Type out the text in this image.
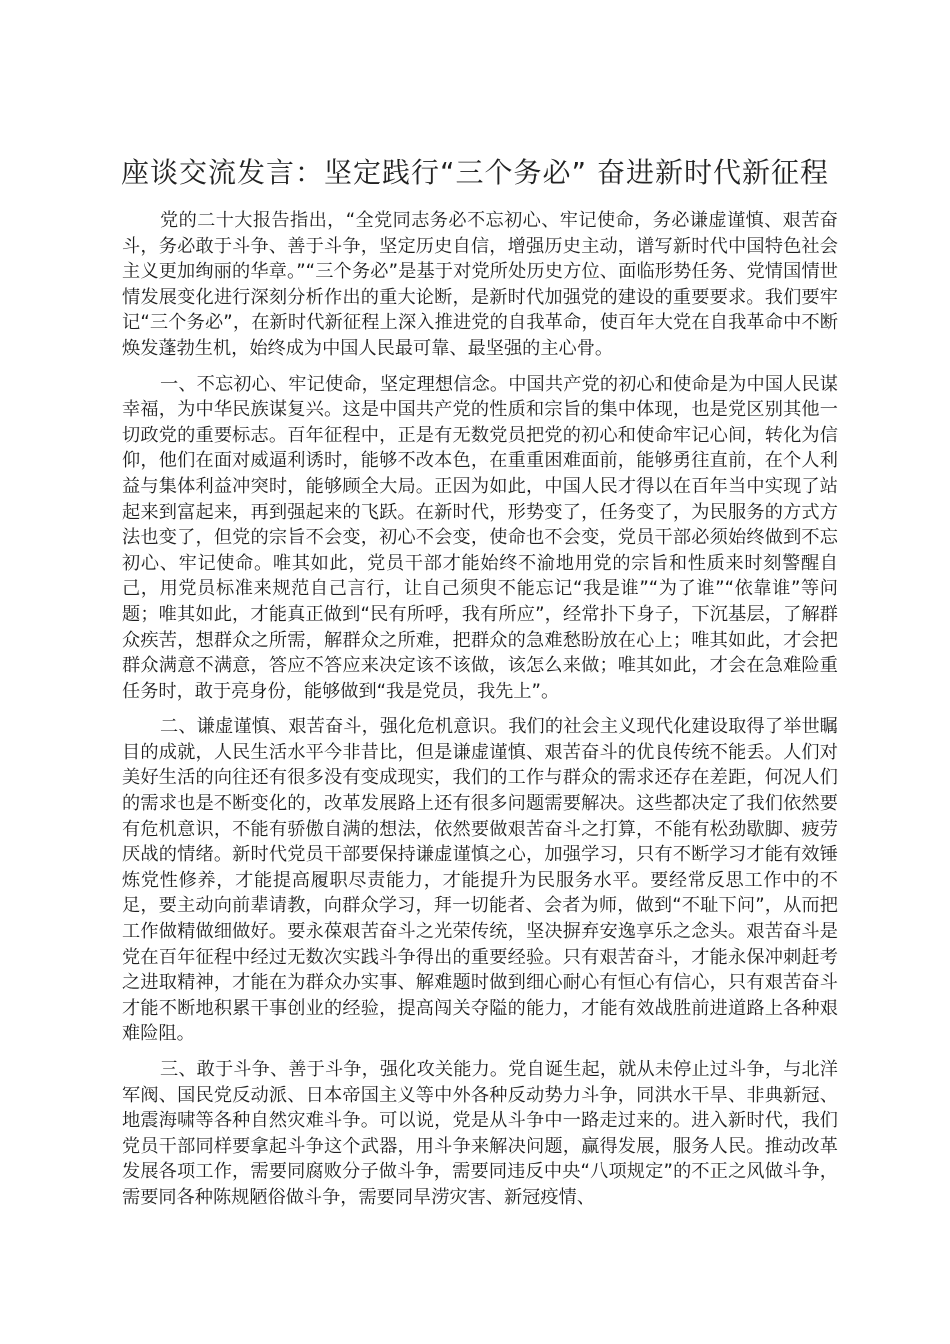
座谈交流发言：坚定践行“三个务必” 奋进新时代新征程

党的二十大报告指出，“全党同志务必不忘初心、牢记使命，务必谦虚谨慎、艰苦奋斗，务必敢于斗争、善于斗争，坚定历史自信，增强历史主动，谱写新时代中国特色社会主义更加绚丽的华章。”“三个务必”是基于对党所处历史方位、面临形势任务、党情国情世情发展变化进行深刻分析作出的重大论断，是新时代加强党的建设的重要要求。我们要牢记“三个务必”，在新时代新征程上深入推进党的自我革命，使百年大党在自我革命中不断焕发蓬勃生机，始终成为中国人民最可靠、最坚强的主心骨。

一、不忘初心、牢记使命，坚定理想信念。中国共产党的初心和使命是为中国人民谋幸福，为中华民族谋复兴。这是中国共产党的性质和宗旨的集中体现，也是党区别其他一切政党的重要标志。百年征程中，正是有无数党员把党的初心和使命牢记心间，转化为信仰，他们在面对威逼利诱时，能够不改本色，在重重困难面前，能够勇往直前，在个人利益与集体利益冲突时，能够顾全大局。正因为如此，中国人民才得以在百年当中实现了站起来到富起来，再到强起来的飞跃。在新时代，形势变了，任务变了，为民服务的方式方法也变了，但党的宗旨不会变，初心不会变，使命也不会变，党员干部必须始终做到不忘初心、牢记使命。唯其如此，党员干部才能始终不渝地用党的宗旨和性质来时刻警醒自己，用党员标准来规范自己言行，让自己须臾不能忘记“我是谁”“为了谁”“依靠谁”等问题；唯其如此，才能真正做到“民有所呼，我有所应”，经常扑下身子，下沉基层，了解群众疾苦，想群众之所需，解群众之所难，把群众的急难愁盼放在心上；唯其如此，才会把群众满意不满意，答应不答应来决定该不该做，该怎么来做；唯其如此，才会在急难险重任务时，敢于亮身份，能够做到“我是党员，我先上”。

二、谦虚谨慎、艰苦奋斗，强化危机意识。我们的社会主义现代化建设取得了举世瞩目的成就，人民生活水平今非昔比，但是谦虚谨慎、艰苦奋斗的优良传统不能丢。人们对美好生活的向往还有很多没有变成现实，我们的工作与群众的需求还存在差距，何况人们的需求也是不断变化的，改革发展路上还有很多问题需要解决。这些都决定了我们依然要有危机意识，不能有骄傲自满的想法，依然要做艰苦奋斗之打算，不能有松劲歇脚、疲劳厌战的情绪。新时代党员干部要保持谦虚谨慎之心，加强学习，只有不断学习才能有效锤炼党性修养，才能提高履职尽责能力，才能提升为民服务水平。要经常反思工作中的不足，要主动向前辈请教，向群众学习，拜一切能者、会者为师，做到“不耻下问”，从而把工作做精做细做好。要永葆艰苦奋斗之光荣传统，坚决摒弃安逸享乐之念头。艰苦奋斗是党在百年征程中经过无数次实践斗争得出的重要经验。只有艰苦奋斗，才能永保冲刺赶考之进取精神，才能在为群众办实事、解难题时做到细心耐心有恒心有信心，只有艰苦奋斗才能不断地积累干事创业的经验，提高闯关夺隘的能力，才能有效战胜前进道路上各种艰难险阻。

三、敢于斗争、善于斗争，强化攻关能力。党自诞生起，就从未停止过斗争，与北洋军阀、国民党反动派、日本帝国主义等中外各种反动势力斗争，同洪水干旱、非典新冠、地震海啸等各种自然灾难斗争。可以说，党是从斗争中一路走过来的。进入新时代，我们党员干部同样要拿起斗争这个武器，用斗争来解决问题，赢得发展，服务人民。推动改革发展各项工作，需要同腐败分子做斗争，需要同违反中央“八项规定”的不正之风做斗争，需要同各种陈规陋俗做斗争，需要同旱涝灾害、新冠疫情、
